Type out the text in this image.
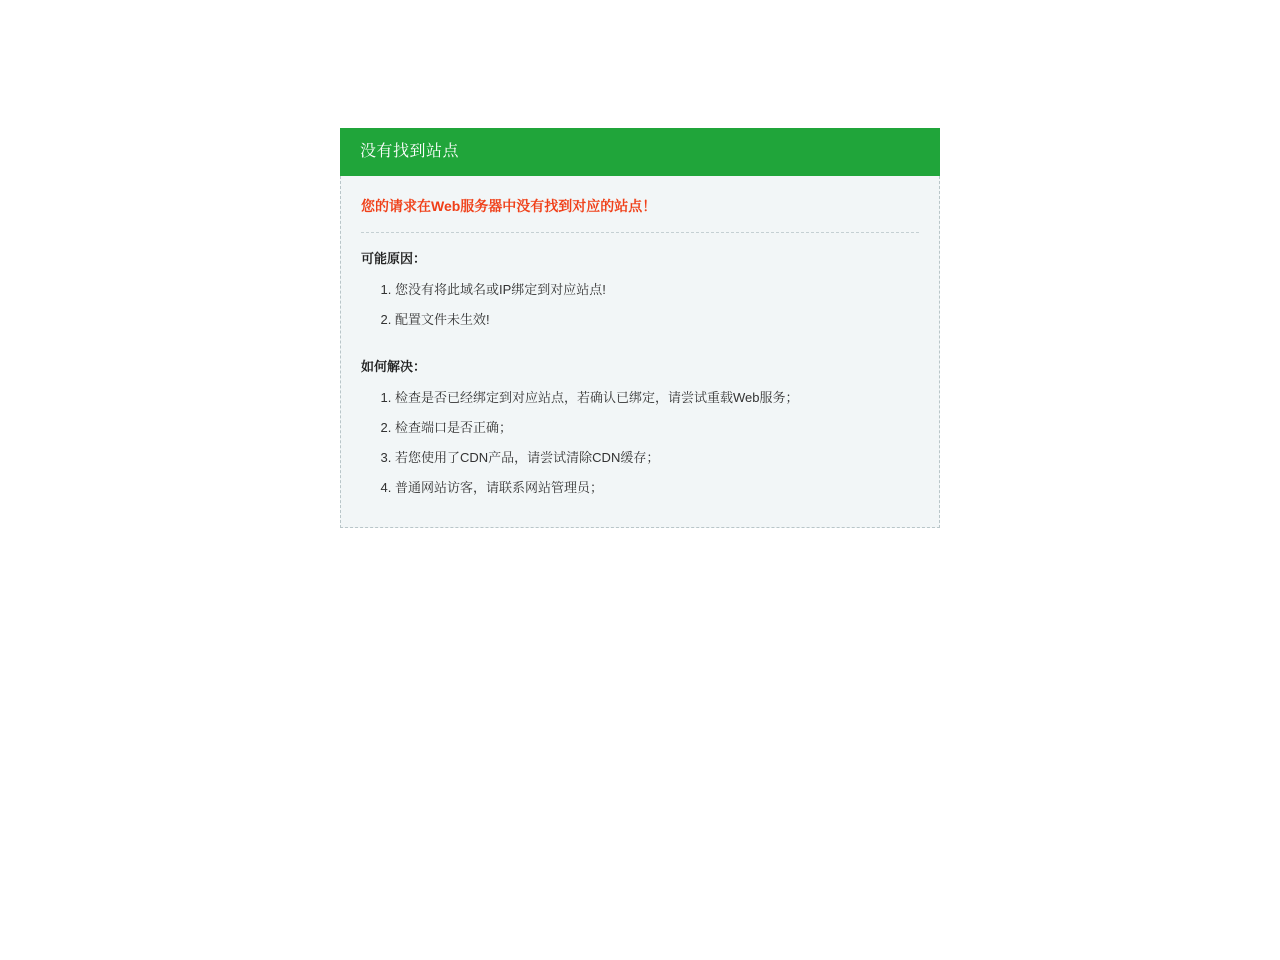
没有找到站点

您的请求在Web服务器中没有找到对应的站点！

可能原因：

1. 您没有将此域名或IP绑定到对应站点!
2. 配置文件未生效!

如何解决：

1. 检查是否已经绑定到对应站点，若确认已绑定，请尝试重载Web服务；
2. 检查端口是否正确；
3. 若您使用了CDN产品，请尝试清除CDN缓存；
4. 普通网站访客，请联系网站管理员；
